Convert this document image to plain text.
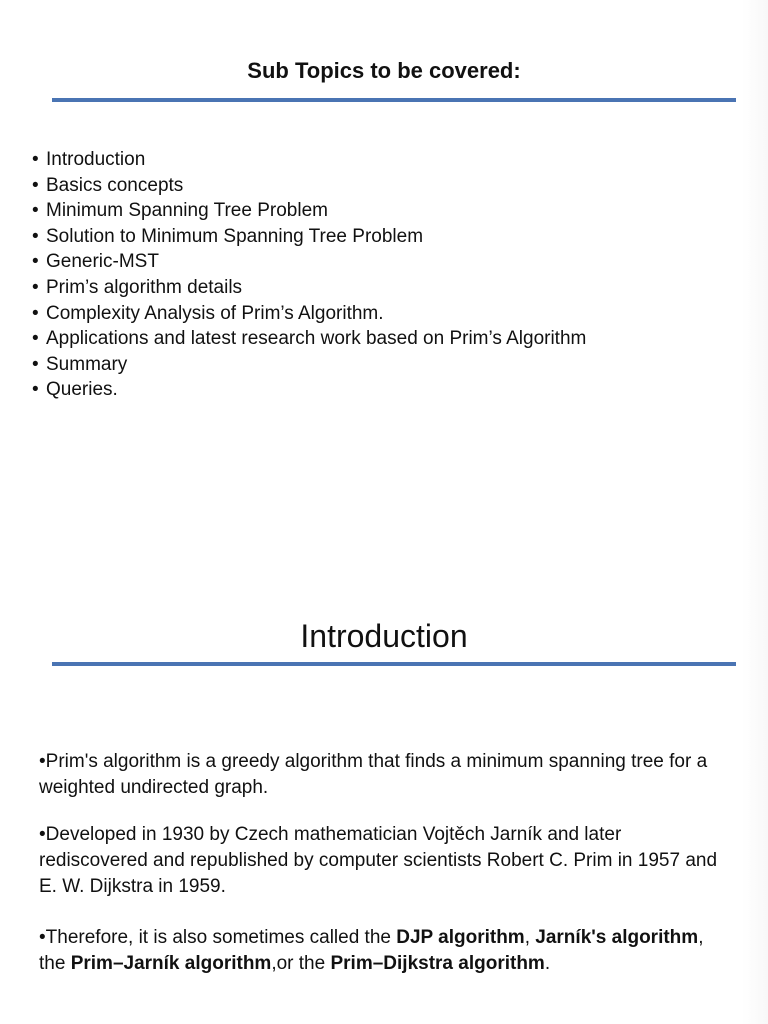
Sub Topics to be covered:
• Introduction
• Basics concepts
• Minimum Spanning Tree Problem
• Solution to Minimum Spanning Tree Problem
• Generic-MST
• Prim’s algorithm details
• Complexity Analysis of Prim’s Algorithm.
• Applications and latest research work based on Prim’s Algorithm
• Summary
• Queries.
Introduction

•Prim's algorithm is a greedy algorithm that finds a minimum spanning tree for a weighted undirected graph.

•Developed in 1930 by Czech mathematician Vojtěch Jarník and later rediscovered and republished by computer scientists Robert C. Prim in 1957 and E. W. Dijkstra in 1959.

•Therefore, it is also sometimes called the DJP algorithm, Jarník's algorithm, the Prim–Jarník algorithm,or the Prim–Dijkstra algorithm.
